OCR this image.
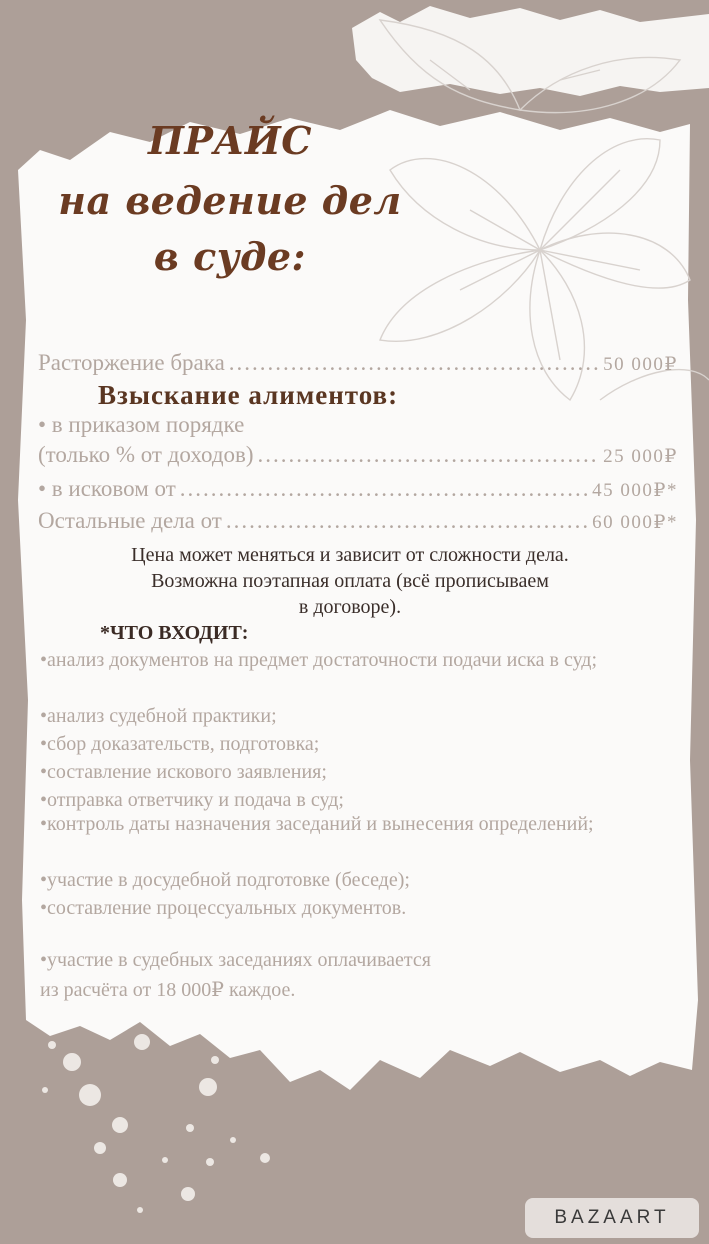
ПРАЙС
на ведение дел
в суде:
Расторжение брака .....	50 000₽
Взыскание алиментов:
• в приказом порядке
(только % от доходов) .....	25 000₽
• в исковом от .....	45 000₽*
Остальные дела от .....	60 000₽*
Цена может меняться и зависит от сложности дела.
Возможна поэтапная оплата (всё прописываем
в договоре).
*ЧТО ВХОДИТ:
•анализ документов на предмет достаточности подачи иска в суд;
•анализ судебной практики;
•сбор доказательств, подготовка;
•составление искового заявления;
•отправка ответчику и подача в суд;
•контроль даты назначения заседаний и вынесения определений;
•участие в досудебной подготовке (беседе);
•составление процессуальных документов.
•участие в судебных заседаниях оплачивается
из расчёта от 18 000₽ каждое.
BAZAART
